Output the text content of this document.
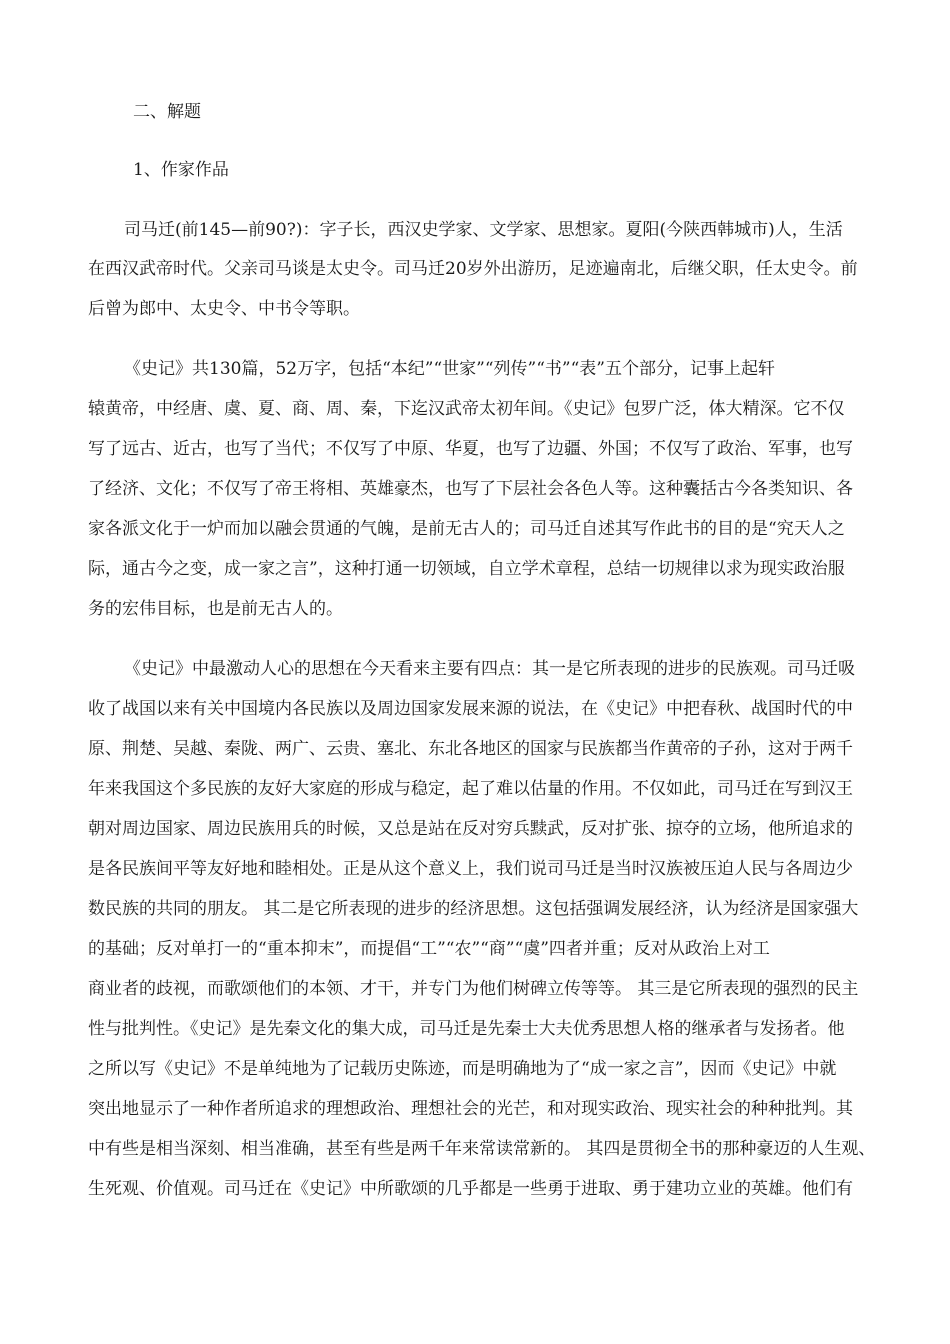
二、解题
1、作家作品
司马迁(前145—前90?)：字子长，西汉史学家、文学家、思想家。夏阳(今陕西韩城市)人，生活
在西汉武帝时代。父亲司马谈是太史令。司马迁20岁外出游历，足迹遍南北，后继父职，任太史令。前
后曾为郎中、太史令、中书令等职。
《史记》共130篇，52万字，包括“本纪”“世家”“列传”“书”“表”五个部分，记事上起轩
辕黄帝，中经唐、虞、夏、商、周、秦，下迄汉武帝太初年间。《史记》包罗广泛，体大精深。它不仅
写了远古、近古，也写了当代；不仅写了中原、华夏，也写了边疆、外国；不仅写了政治、军事，也写
了经济、文化；不仅写了帝王将相、英雄豪杰，也写了下层社会各色人等。这种囊括古今各类知识、各
家各派文化于一炉而加以融会贯通的气魄，是前无古人的；司马迁自述其写作此书的目的是“究天人之
际，通古今之变，成一家之言”，这种打通一切领域，自立学术章程，总结一切规律以求为现实政治服
务的宏伟目标，也是前无古人的。
《史记》中最激动人心的思想在今天看来主要有四点：其一是它所表现的进步的民族观。司马迁吸
收了战国以来有关中国境内各民族以及周边国家发展来源的说法，在《史记》中把春秋、战国时代的中
原、荆楚、吴越、秦陇、两广、云贵、塞北、东北各地区的国家与民族都当作黄帝的子孙，这对于两千
年来我国这个多民族的友好大家庭的形成与稳定，起了难以估量的作用。不仅如此，司马迁在写到汉王
朝对周边国家、周边民族用兵的时候，又总是站在反对穷兵黩武，反对扩张、掠夺的立场，他所追求的
是各民族间平等友好地和睦相处。正是从这个意义上，我们说司马迁是当时汉族被压迫人民与各周边少
数民族的共同的朋友。 其二是它所表现的进步的经济思想。这包括强调发展经济，认为经济是国家强大
的基础；反对单打一的“重本抑末”，而提倡“工”“农”“商”“虞”四者并重；反对从政治上对工
商业者的歧视，而歌颂他们的本领、才干，并专门为他们树碑立传等等。 其三是它所表现的强烈的民主
性与批判性。《史记》是先秦文化的集大成，司马迁是先秦士大夫优秀思想人格的继承者与发扬者。他
之所以写《史记》不是单纯地为了记载历史陈迹，而是明确地为了“成一家之言”，因而《史记》中就
突出地显示了一种作者所追求的理想政治、理想社会的光芒，和对现实政治、现实社会的种种批判。其
中有些是相当深刻、相当准确，甚至有些是两千年来常读常新的。 其四是贯彻全书的那种豪迈的人生观、
生死观、价值观。司马迁在《史记》中所歌颂的几乎都是一些勇于进取、勇于建功立业的英雄。他们有
